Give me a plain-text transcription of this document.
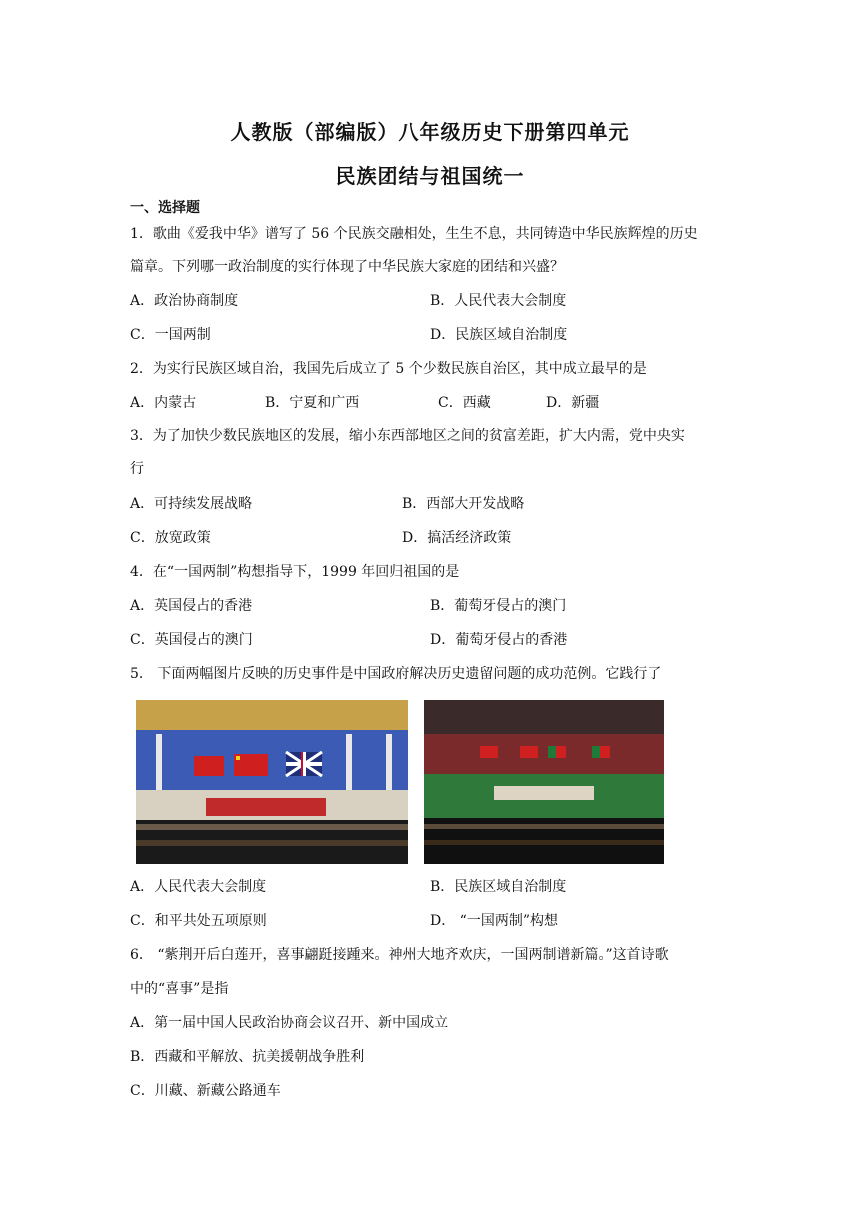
人教版（部编版）八年级历史下册第四单元
民族团结与祖国统一
一、选择题
1．歌曲《爱我中华》谱写了 56 个民族交融相处，生生不息，共同铸造中华民族辉煌的历史
篇章。下列哪一政治制度的实行体现了中华民族大家庭的团结和兴盛？
A．政治协商制度	B．人民代表大会制度
C．一国两制	D．民族区域自治制度
2．为实行民族区域自治，我国先后成立了 5 个少数民族自治区，其中成立最早的是
A．内蒙古	B．宁夏和广西	C．西藏	D．新疆
3．为了加快少数民族地区的发展，缩小东西部地区之间的贫富差距，扩大内需，党中央实
行
A．可持续发展战略	B．西部大开发战略
C．放宽政策	D．搞活经济政策
4．在“一国两制”构想指导下，1999 年回归祖国的是
A．英国侵占的香港	B．葡萄牙侵占的澳门
C．英国侵占的澳门	D．葡萄牙侵占的香港
5． 下面两幅图片反映的历史事件是中国政府解决历史遗留问题的成功范例。它践行了
A．人民代表大会制度	B．民族区域自治制度
C．和平共处五项原则	D． “一国两制”构想
6． “紫荆开后白莲开，喜事翩跹接踵来。神州大地齐欢庆，一国两制谱新篇。”这首诗歌
中的“喜事”是指
A．第一届中国人民政治协商会议召开、新中国成立
B．西藏和平解放、抗美援朝战争胜利
C．川藏、新藏公路通车
